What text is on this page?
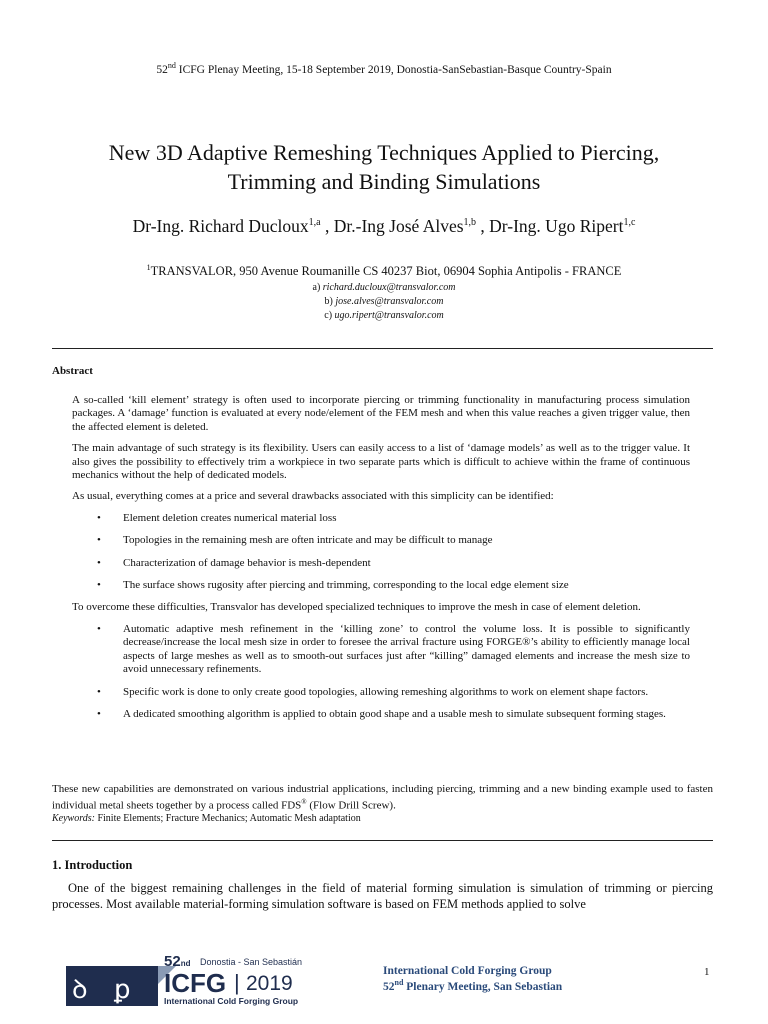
52nd ICFG Plenay Meeting, 15-18 September 2019, Donostia-SanSebastian-Basque Country-Spain
New 3D Adaptive Remeshing Techniques Applied to Piercing,
Trimming and Binding Simulations
Dr-Ing. Richard Ducloux$^{1,a}$ , Dr.-Ing José Alves$^{1,b}$ , Dr-Ing. Ugo Ripert$^{1,c}$
$^1$TRANSVALOR, 950 Avenue Roumanille CS 40237 Biot, 06904 Sophia Antipolis - FRANCE
a) richard.ducloux@transvalor.com
b) jose.alves@transvalor.com
c) ugo.ripert@transvalor.com
Abstract

A so-called ‘kill element’ strategy is often used to incorporate piercing or trimming functionality in manufacturing process simulation packages. A ‘damage’ function is evaluated at every node/element of the FEM mesh and when this value reaches a given trigger value, then the affected element is deleted.

The main advantage of such strategy is its flexibility. Users can easily access to a list of ‘damage models’ as well as to the trigger value. It also gives the possibility to effectively trim a workpiece in two separate parts which is difficult to achieve within the frame of continuous mechanics without the help of dedicated models.

As usual, everything comes at a price and several drawbacks associated with this simplicity can be identified:

• Element deletion creates numerical material loss
• Topologies in the remaining mesh are often intricate and may be difficult to manage
• Characterization of damage behavior is mesh-dependent
• The surface shows rugosity after piercing and trimming, corresponding to the local edge element size

To overcome these difficulties, Transvalor has developed specialized techniques to improve the mesh in case of element deletion.

• Automatic adaptive mesh refinement in the ‘killing zone’ to control the volume loss. It is possible to significantly decrease/increase the local mesh size in order to foresee the arrival fracture using FORGE®’s ability to efficiently manage local aspects of large meshes as well as to smooth-out surfaces just after “killing” damaged elements and increase the mesh size to avoid unnecessary refinements.
• Specific work is done to only create good topologies, allowing remeshing algorithms to work on element shape factors.
• A dedicated smoothing algorithm is applied to obtain good shape and a usable mesh to simulate subsequent forming stages.

These new capabilities are demonstrated on various industrial applications, including piercing, trimming and a new binding example used to fasten individual metal sheets together by a process called FDS® (Flow Drill Screw).

Keywords: Finite Elements; Fracture Mechanics; Automatic Mesh adaptation
1. Introduction
One of the biggest remaining challenges in the field of material forming simulation is simulation of trimming or piercing processes. Most available material-forming simulation software is based on FEM methods applied to solve
ꝺ ꝑ
52nd Donostia - San Sebastián
ICFG | 2019
International Cold Forging Group
International Cold Forging Group
52nd Plenary Meeting, San Sebastian
1
